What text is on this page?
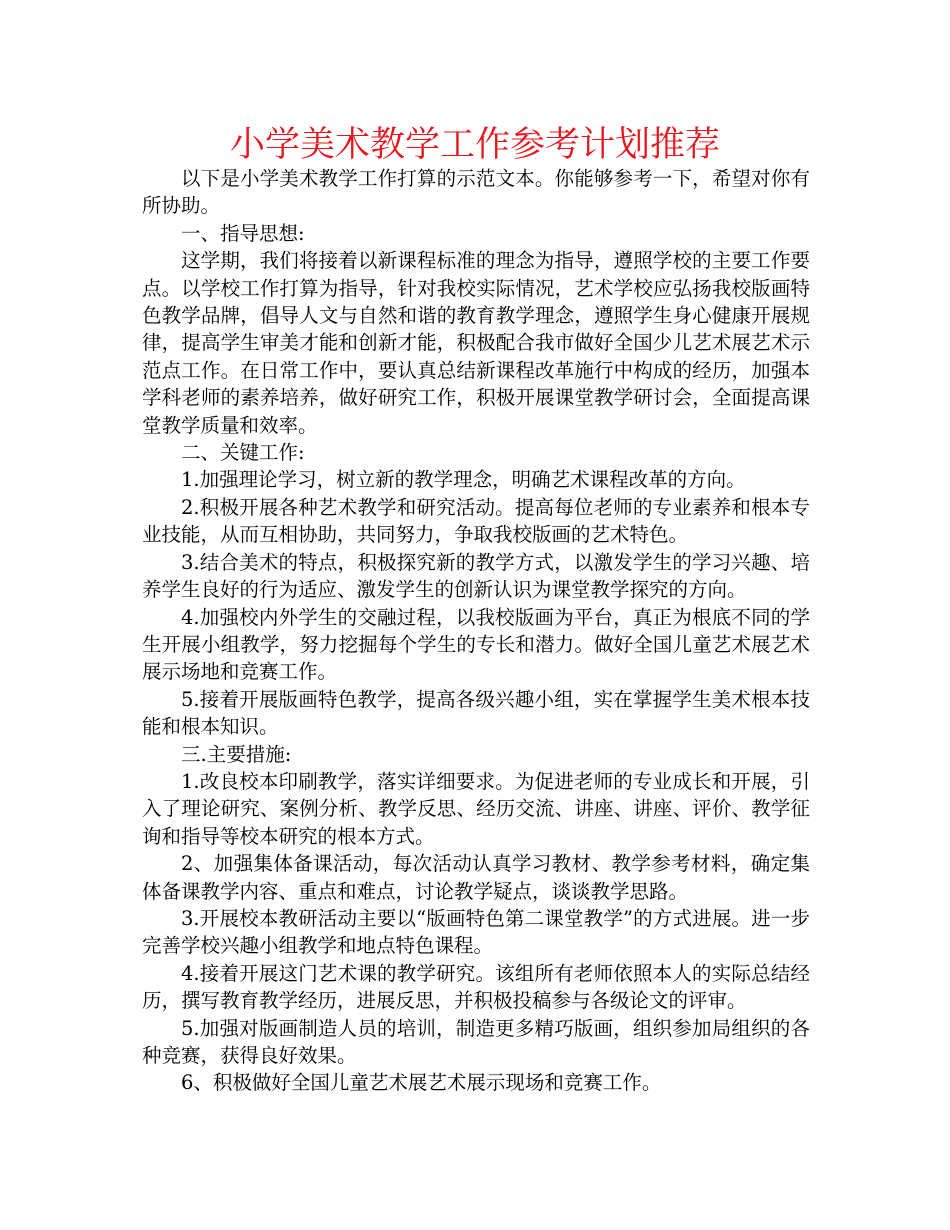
小学美术教学工作参考计划推荐

以下是小学美术教学工作打算的示范文本。你能够参考一下，希望对你有所协助。

一、指导思想:

这学期，我们将接着以新课程标准的理念为指导，遵照学校的主要工作要点。以学校工作打算为指导，针对我校实际情况，艺术学校应弘扬我校版画特色教学品牌，倡导人文与自然和谐的教育教学理念，遵照学生身心健康开展规律，提高学生审美才能和创新才能，积极配合我市做好全国少儿艺术展艺术示范点工作。在日常工作中，要认真总结新课程改革施行中构成的经历，加强本学科老师的素养培养，做好研究工作，积极开展课堂教学研讨会，全面提高课堂教学质量和效率。

二、关键工作:

1.加强理论学习，树立新的教学理念，明确艺术课程改革的方向。

2.积极开展各种艺术教学和研究活动。提高每位老师的专业素养和根本专业技能，从而互相协助，共同努力，争取我校版画的艺术特色。

3.结合美术的特点，积极探究新的教学方式，以激发学生的学习兴趣、培养学生良好的行为适应、激发学生的创新认识为课堂教学探究的方向。

4.加强校内外学生的交融过程，以我校版画为平台，真正为根底不同的学生开展小组教学，努力挖掘每个学生的专长和潜力。做好全国儿童艺术展艺术展示场地和竞赛工作。

5.接着开展版画特色教学，提高各级兴趣小组，实在掌握学生美术根本技能和根本知识。

三.主要措施:

1.改良校本印刷教学，落实详细要求。为促进老师的专业成长和开展，引入了理论研究、案例分析、教学反思、经历交流、讲座、讲座、评价、教学征询和指导等校本研究的根本方式。

2、加强集体备课活动，每次活动认真学习教材、教学参考材料，确定集体备课教学内容、重点和难点，讨论教学疑点，谈谈教学思路。

3.开展校本教研活动主要以“版画特色第二课堂教学”的方式进展。进一步完善学校兴趣小组教学和地点特色课程。

4.接着开展这门艺术课的教学研究。该组所有老师依照本人的实际总结经历，撰写教育教学经历，进展反思，并积极投稿参与各级论文的评审。

5.加强对版画制造人员的培训，制造更多精巧版画，组织参加局组织的各种竞赛，获得良好效果。

6、积极做好全国儿童艺术展艺术展示现场和竞赛工作。
